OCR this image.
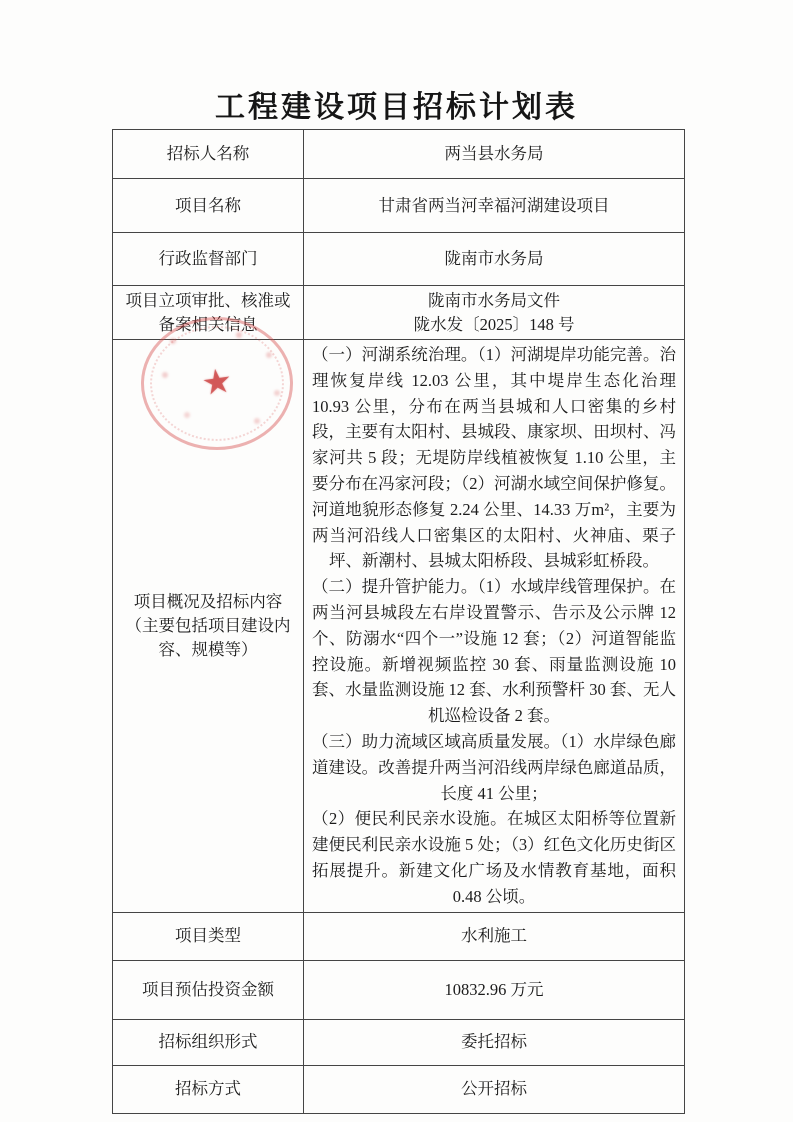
工程建设项目招标计划表
招标人名称	两当县水务局
项目名称	甘肃省两当河幸福河湖建设项目
行政监督部门	陇南市水务局
项目立项审批、核准或备案相关信息	陇南市水务局文件
陇水发〔2025〕148 号

项目概况及招标内容（主要包括项目建设内容、规模等）	（一）河湖系统治理。（1）河湖堤岸功能完善。治理恢复岸线 12.03 公里，其中堤岸生态化治理 10.93 公里，分布在两当县城和人口密集的乡村段，主要有太阳村、县城段、康家坝、田坝村、冯家河共 5 段；无堤防岸线植被恢复 1.10 公里，主要分布在冯家河段；（2）河湖水域空间保护修复。河道地貌形态修复 2.24 公里、14.33 万m²，主要为两当河沿线人口密集区的太阳村、火神庙、栗子坪、新潮村、县城太阳桥段、县城彩虹桥段。

（二）提升管护能力。（1）水域岸线管理保护。在两当河县城段左右岸设置警示、告示及公示牌 12 个、防溺水“四个一”设施 12 套；（2）河道智能监控设施。新增视频监控 30 套、雨量监测设施 10 套、水量监测设施 12 套、水利预警杆 30 套、无人机巡检设备 2 套。

（三）助力流域区域高质量发展。（1）水岸绿色廊道建设。改善提升两当河沿线两岸绿色廊道品质，长度 41 公里；

（2）便民利民亲水设施。在城区太阳桥等位置新建便民利民亲水设施 5 处；（3）红色文化历史街区拓展提升。新建文化广场及水情教育基地，面积 0.48 公顷。

项目类型	水利施工
项目预估投资金额	10832.96 万元
招标组织形式	委托招标
招标方式	公开招标
★
